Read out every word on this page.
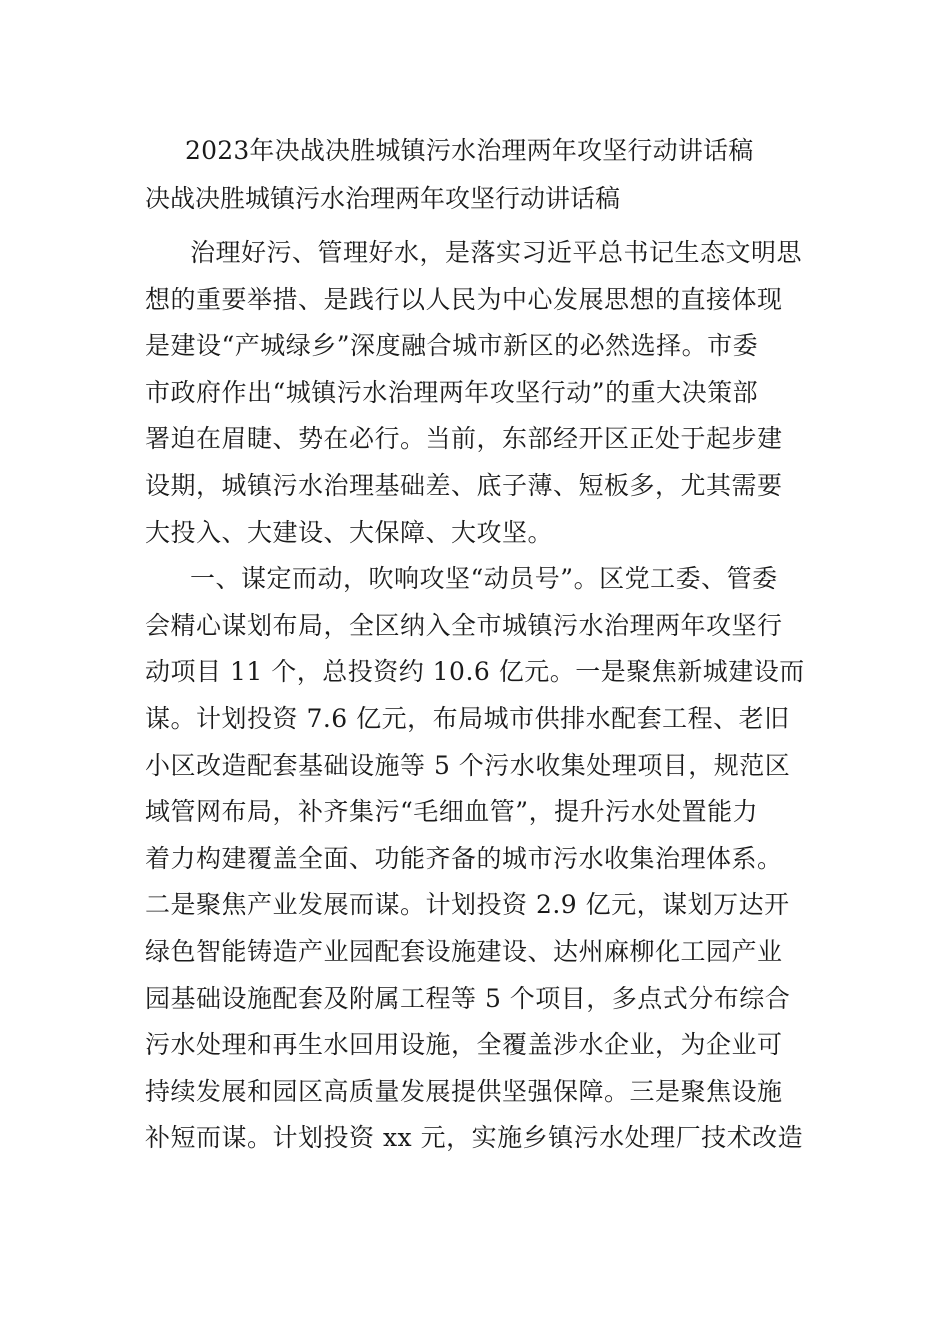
2023年决战决胜城镇污水治理两年攻坚行动讲话稿
决战决胜城镇污水治理两年攻坚行动讲话稿
治理好污、管理好水，是落实习近平总书记生态文明思
想的重要举措、是践行以人民为中心发展思想的直接体现
是建设“产城绿乡”深度融合城市新区的必然选择。市委
市政府作出“城镇污水治理两年攻坚行动”的重大决策部
署迫在眉睫、势在必行。当前，东部经开区正处于起步建
设期，城镇污水治理基础差、底子薄、短板多，尤其需要
大投入、大建设、大保障、大攻坚。
一、谋定而动，吹响攻坚“动员号”。区党工委、管委
会精心谋划布局，全区纳入全市城镇污水治理两年攻坚行
动项目 11 个，总投资约 10.6 亿元。一是聚焦新城建设而
谋。计划投资 7.6 亿元，布局城市供排水配套工程、老旧
小区改造配套基础设施等 5 个污水收集处理项目，规范区
域管网布局，补齐集污“毛细血管”，提升污水处置能力
着力构建覆盖全面、功能齐备的城市污水收集治理体系。
二是聚焦产业发展而谋。计划投资 2.9 亿元，谋划万达开
绿色智能铸造产业园配套设施建设、达州麻柳化工园产业
园基础设施配套及附属工程等 5 个项目，多点式分布综合
污水处理和再生水回用设施，全覆盖涉水企业，为企业可
持续发展和园区高质量发展提供坚强保障。三是聚焦设施
补短而谋。计划投资 xx 元，实施乡镇污水处理厂技术改造
